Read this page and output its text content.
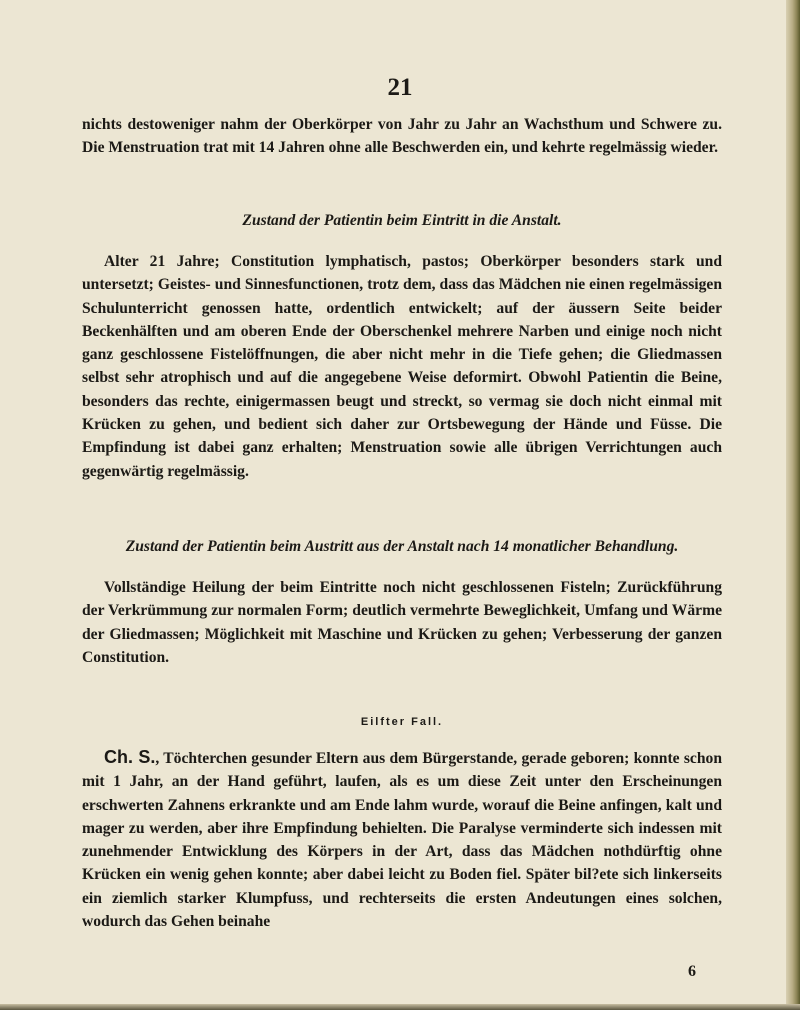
21
nichts destoweniger nahm der Oberkörper von Jahr zu Jahr an Wachsthum und Schwere zu. Die Menstruation trat mit 14 Jahren ohne alle Beschwerden ein, und kehrte regelmässig wieder.
Zustand der Patientin beim Eintritt in die Anstalt.
Alter 21 Jahre; Constitution lymphatisch, pastos; Oberkörper besonders stark und untersetzt; Geistes- und Sinnesfunctionen, trotz dem, dass das Mädchen nie einen regelmässigen Schulunterricht genossen hatte, ordentlich entwickelt; auf der äussern Seite beider Beckenhälften und am oberen Ende der Oberschenkel mehrere Narben und einige noch nicht ganz geschlossene Fistelöffnungen, die aber nicht mehr in die Tiefe gehen; die Gliedmassen selbst sehr atrophisch und auf die angegebene Weise deformirt. Obwohl Patientin die Beine, besonders das rechte, einigermassen beugt und streckt, so vermag sie doch nicht einmal mit Krücken zu gehen, und bedient sich daher zur Ortsbewegung der Hände und Füsse. Die Empfindung ist dabei ganz erhalten; Menstruation sowie alle übrigen Verrichtungen auch gegenwärtig regelmässig.
Zustand der Patientin beim Austritt aus der Anstalt nach 14 monatlicher Behandlung.
Vollständige Heilung der beim Eintritte noch nicht geschlossenen Fisteln; Zurückführung der Verkrümmung zur normalen Form; deutlich vermehrte Beweglichkeit, Umfang und Wärme der Gliedmassen; Möglichkeit mit Maschine und Krücken zu gehen; Verbesserung der ganzen Constitution.
Eilfter Fall.
Ch. S., Töchterchen gesunder Eltern aus dem Bürgerstande, gerade geboren; konnte schon mit 1 Jahr, an der Hand geführt, laufen, als es um diese Zeit unter den Erscheinungen erschwerten Zahnens erkrankte und am Ende lahm wurde, worauf die Beine anfingen, kalt und mager zu werden, aber ihre Empfindung behielten. Die Paralyse verminderte sich indessen mit zunehmender Entwicklung des Körpers in der Art, dass das Mädchen nothdürftig ohne Krücken ein wenig gehen konnte; aber dabei leicht zu Boden fiel. Später bil?ete sich linkerseits ein ziemlich starker Klumpfuss, und rechterseits die ersten Andeutungen eines solchen, wodurch das Gehen beinahe
6
